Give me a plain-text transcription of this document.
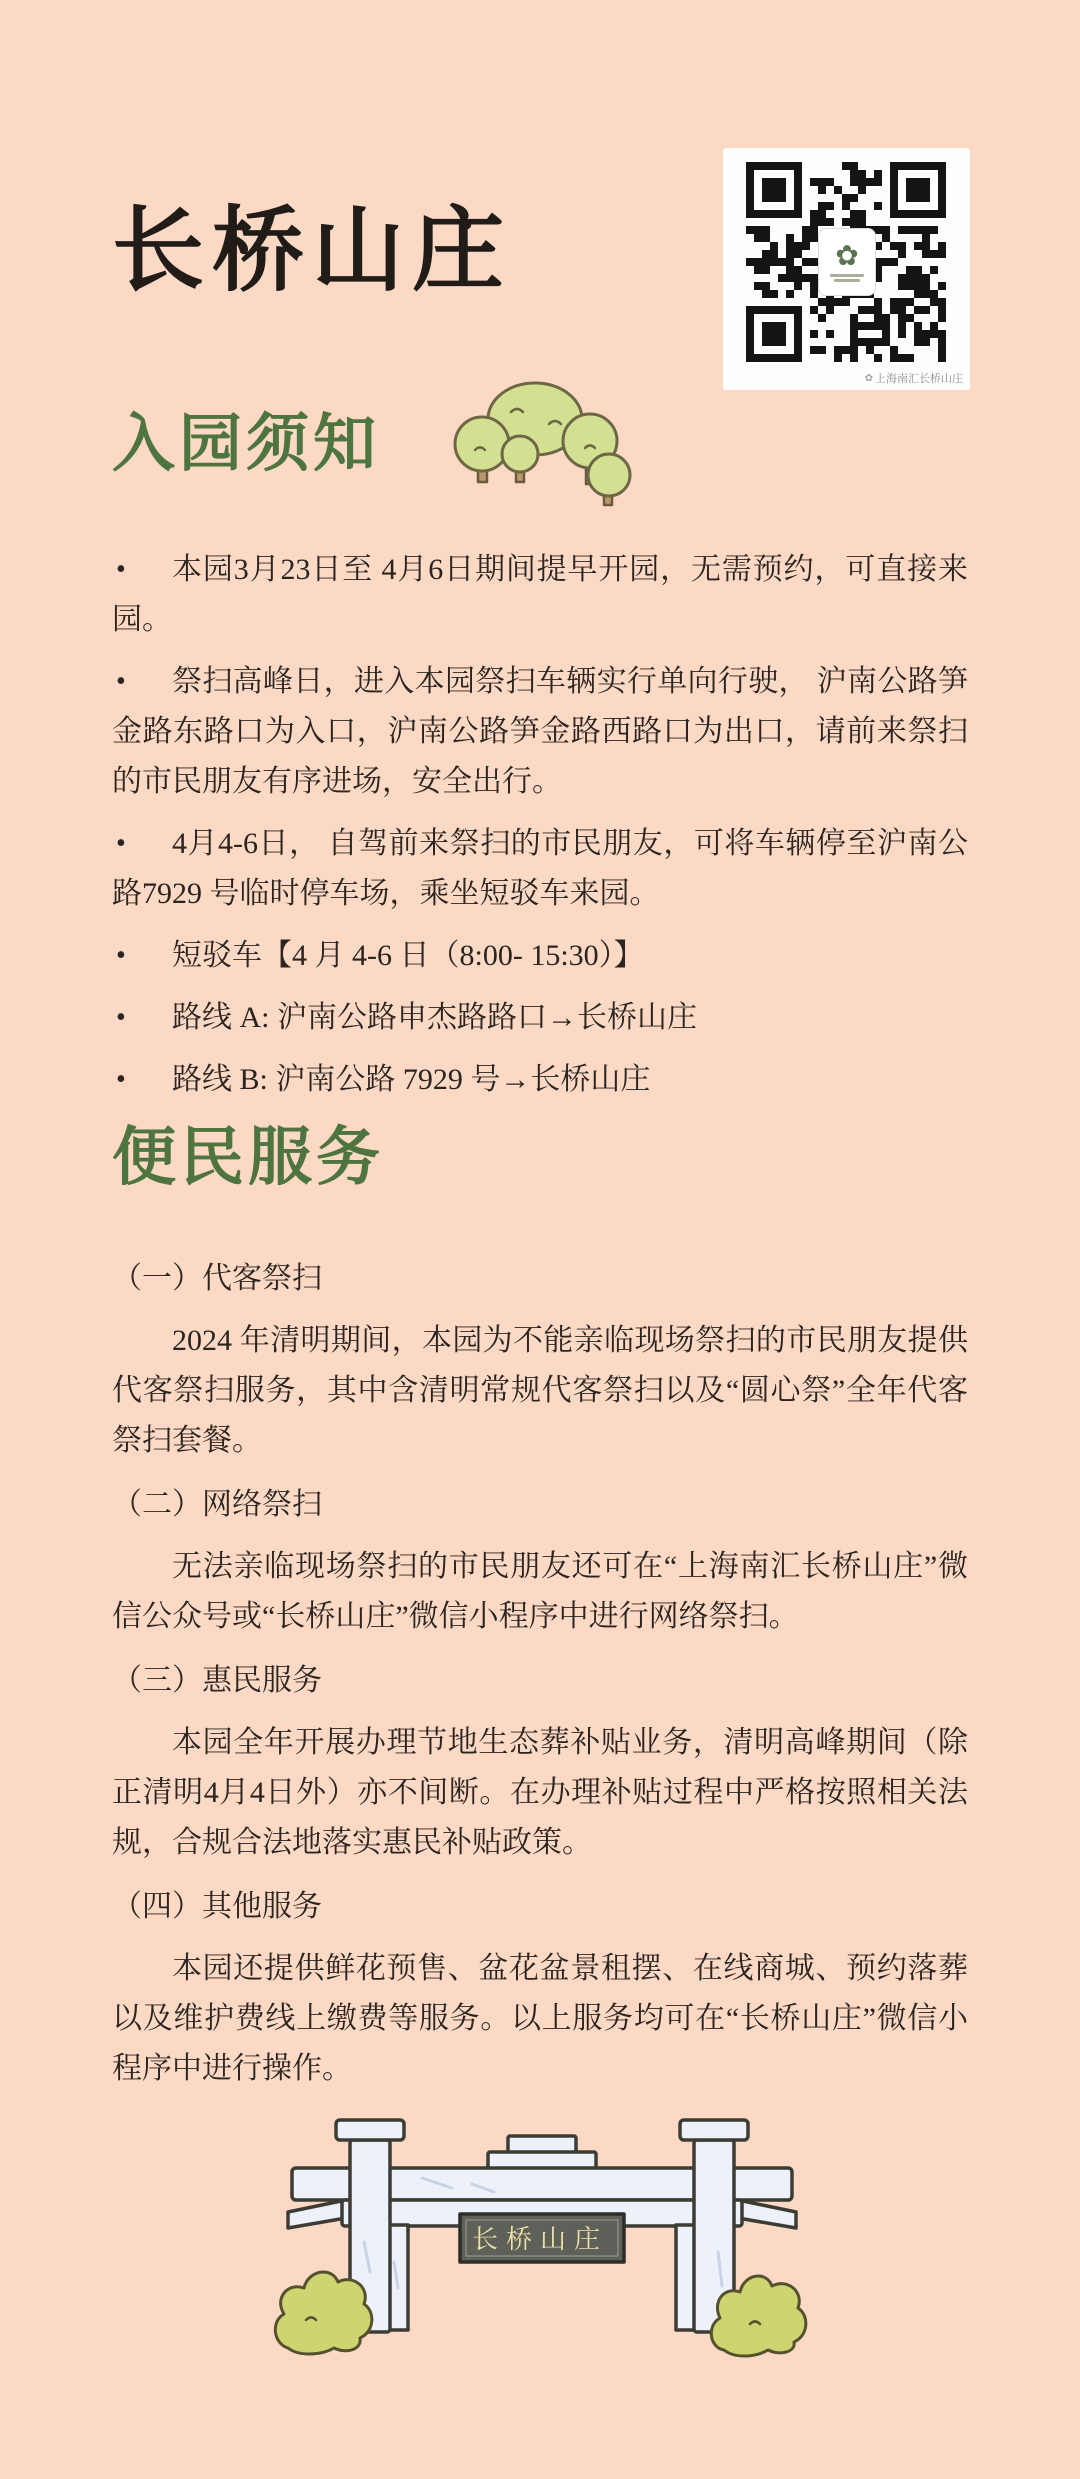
长桥山庄	✿
✿ 上海南汇长桥山庄
入园须知

• 本园3月23日至 4月6日期间提早开园，无需预约，可直接来园。

• 祭扫高峰日，进入本园祭扫车辆实行单向行驶， 沪南公路笋金路东路口为入口，沪南公路笋金路西路口为出口，请前来祭扫的市民朋友有序进场，安全出行。

• 4月4-6日， 自驾前来祭扫的市民朋友，可将车辆停至沪南公路7929 号临时停车场，乘坐短驳车来园。

• 短驳车【4 月 4-6 日（8:00- 15:30）】

• 路线 A: 沪南公路申杰路路口→长桥山庄

• 路线 B: 沪南公路 7929 号→长桥山庄

便民服务

（一）代客祭扫

2024 年清明期间，本园为不能亲临现场祭扫的市民朋友提供代客祭扫服务，其中含清明常规代客祭扫以及“圆心祭”全年代客祭扫套餐。

（二）网络祭扫

无法亲临现场祭扫的市民朋友还可在“上海南汇长桥山庄”微信公众号或“长桥山庄”微信小程序中进行网络祭扫。

（三）惠民服务

本园全年开展办理节地生态葬补贴业务，清明高峰期间（除正清明4月4日外）亦不间断。在办理补贴过程中严格按照相关法规，合规合法地落实惠民补贴政策。

（四）其他服务

本园还提供鲜花预售、盆花盆景租摆、在线商城、预约落葬以及维护费线上缴费等服务。以上服务均可在“长桥山庄”微信小程序中进行操作。

长桥山庄
